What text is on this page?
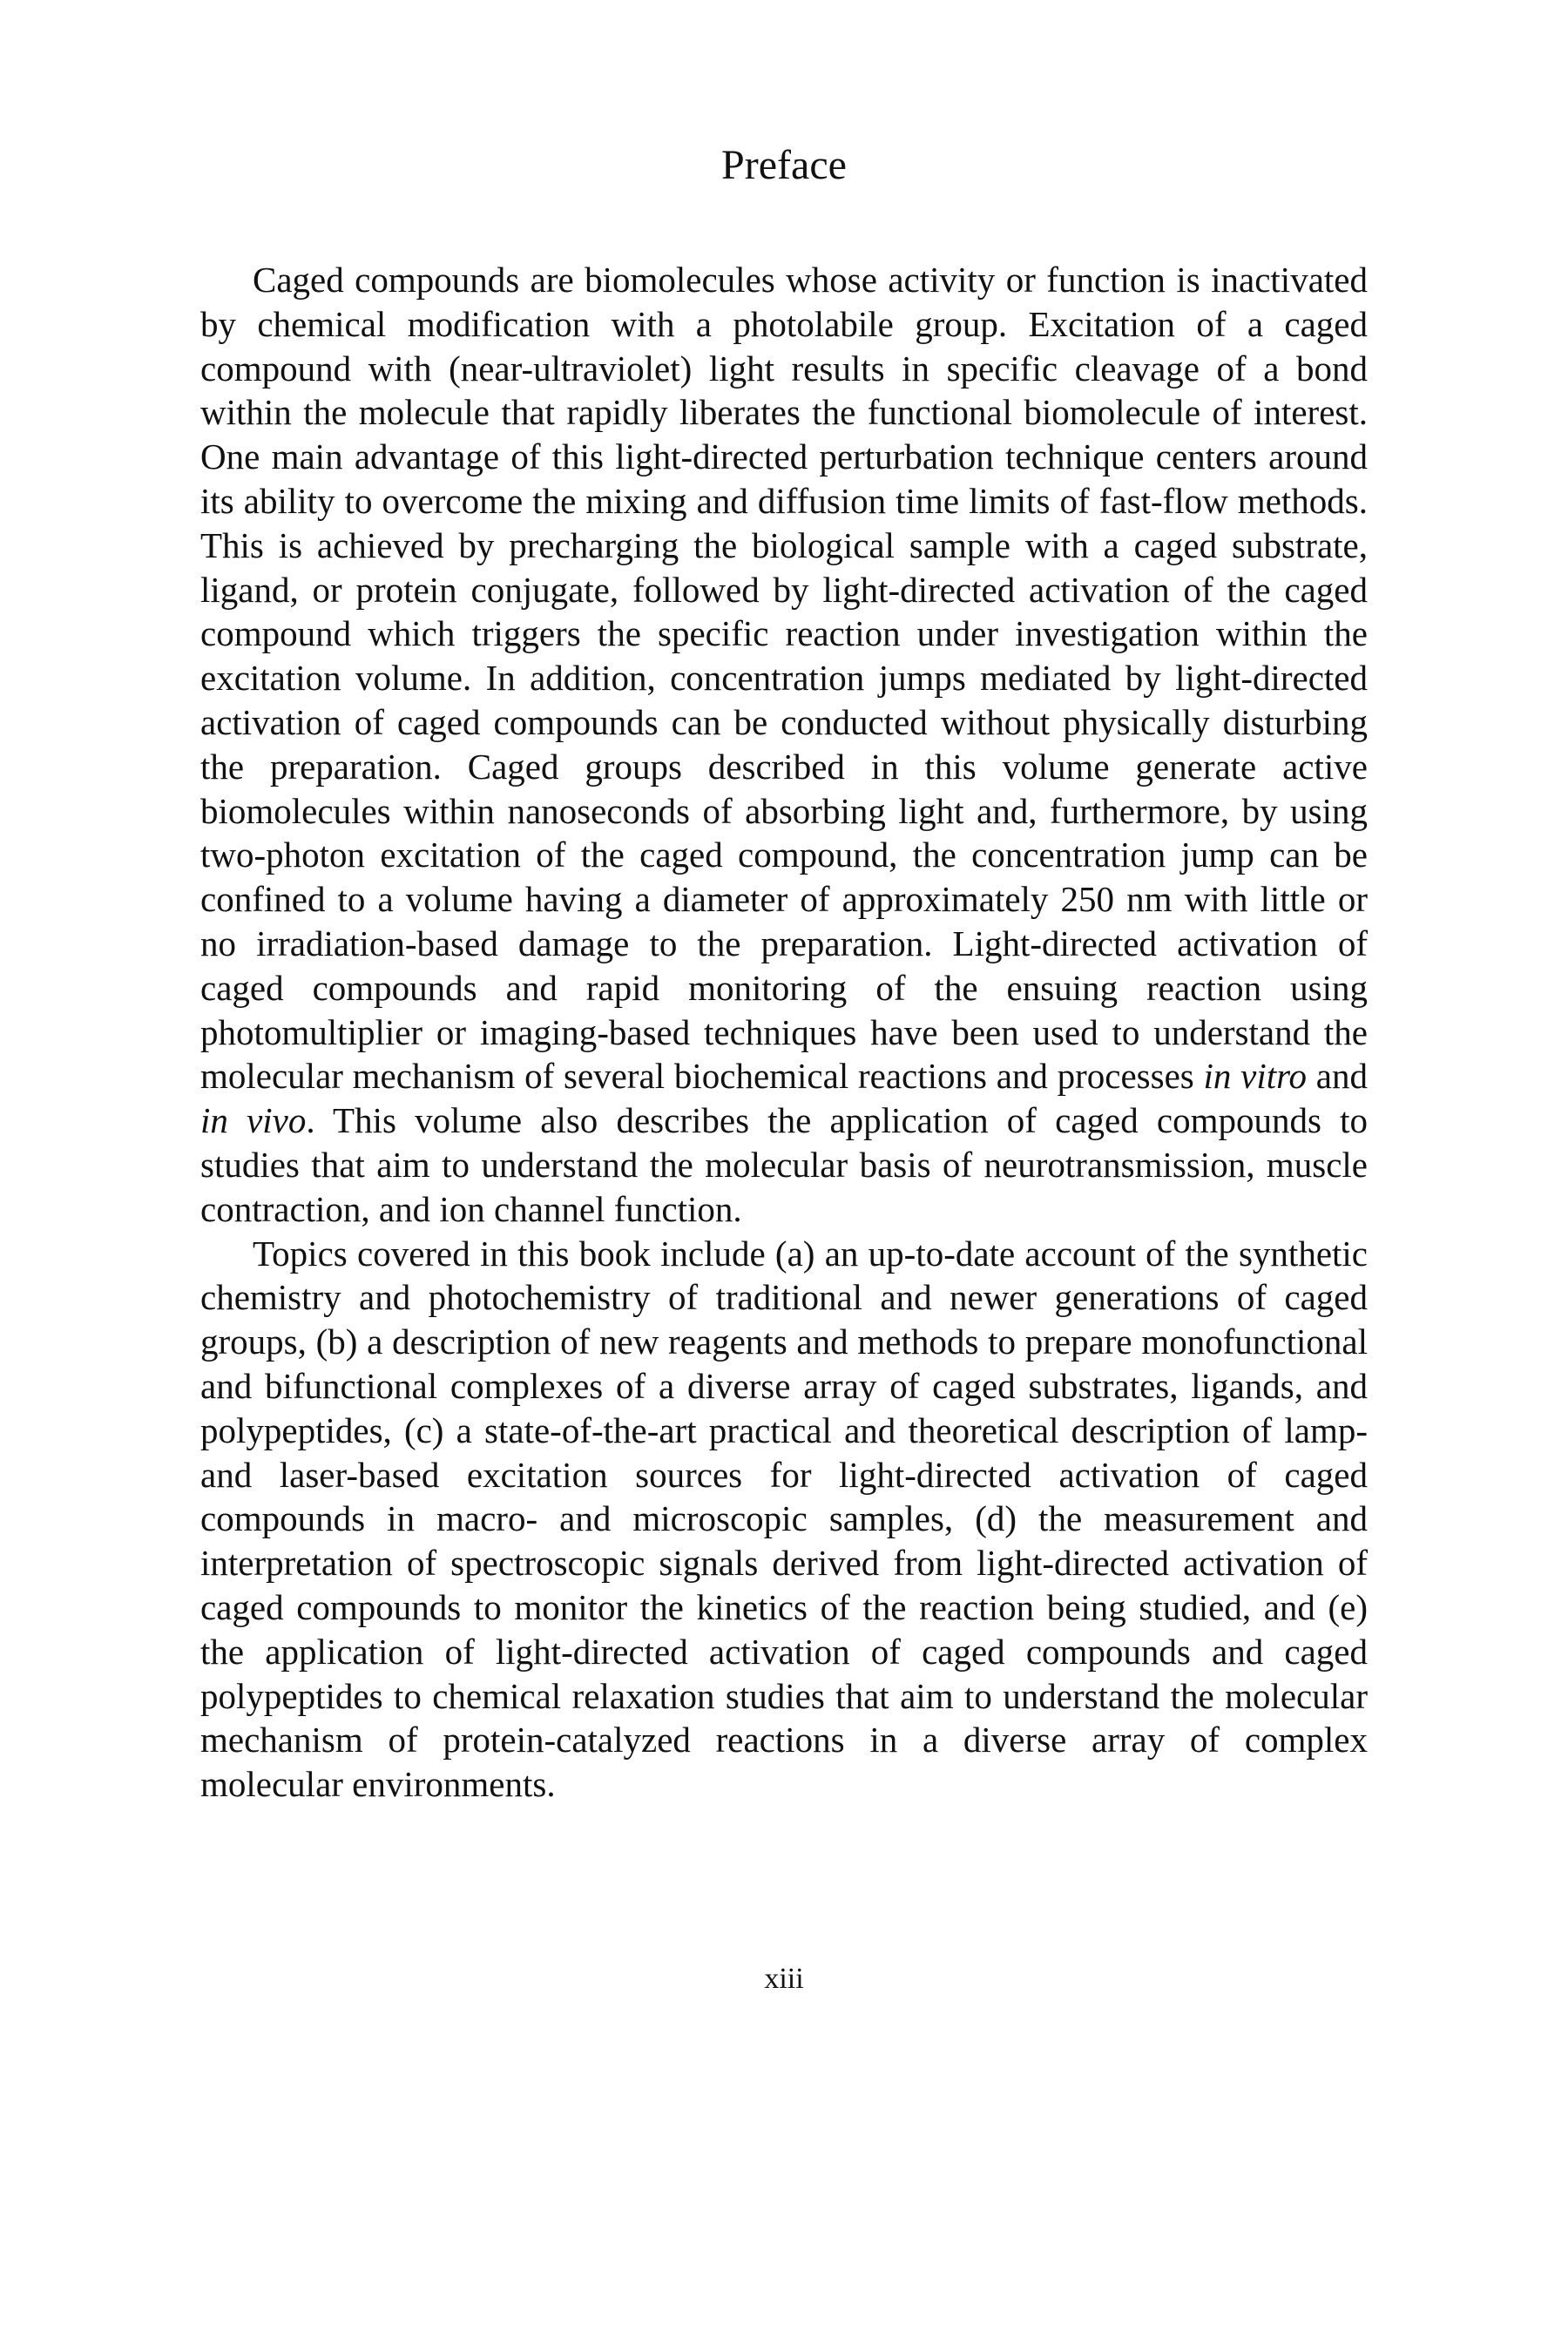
Preface

Caged compounds are biomolecules whose activity or function is inactivated by chemical modification with a photolabile group. Excitation of a caged compound with (near-ultraviolet) light results in specific cleavage of a bond within the molecule that rapidly liberates the functional biomolecule of interest. One main advantage of this light-directed perturbation technique centers around its ability to overcome the mixing and diffusion time limits of fast-flow methods. This is achieved by precharging the biological sample with a caged substrate, ligand, or protein conjugate, followed by light-directed activation of the caged compound which triggers the specific reaction under investigation within the excitation volume. In addition, concentration jumps mediated by light-directed activation of caged compounds can be conducted without physically disturbing the preparation. Caged groups described in this volume generate active biomolecules within nanoseconds of absorbing light and, furthermore, by using two-photon excitation of the caged compound, the concentration jump can be confined to a volume having a diameter of approximately 250 nm with little or no irradiation-based damage to the preparation. Light-directed activation of caged compounds and rapid monitoring of the ensuing reaction using photomultiplier or imaging-based techniques have been used to understand the molecular mechanism of several biochemical reactions and processes in vitro and in vivo. This volume also describes the application of caged compounds to studies that aim to understand the molecular basis of neurotransmission, muscle contraction, and ion channel function.

Topics covered in this book include (a) an up-to-date account of the synthetic chemistry and photochemistry of traditional and newer generations of caged groups, (b) a description of new reagents and methods to prepare monofunctional and bifunctional complexes of a diverse array of caged substrates, ligands, and polypeptides, (c) a state-of-the-art practical and theoretical description of lamp- and laser-based excitation sources for light-directed activation of caged compounds in macro- and microscopic samples, (d) the measurement and interpretation of spectroscopic signals derived from light-directed activation of caged compounds to monitor the kinetics of the reaction being studied, and (e) the application of light-directed activation of caged compounds and caged polypeptides to chemical relaxation studies that aim to understand the molecular mechanism of protein-catalyzed reactions in a diverse array of complex molecular environments.

xiii
